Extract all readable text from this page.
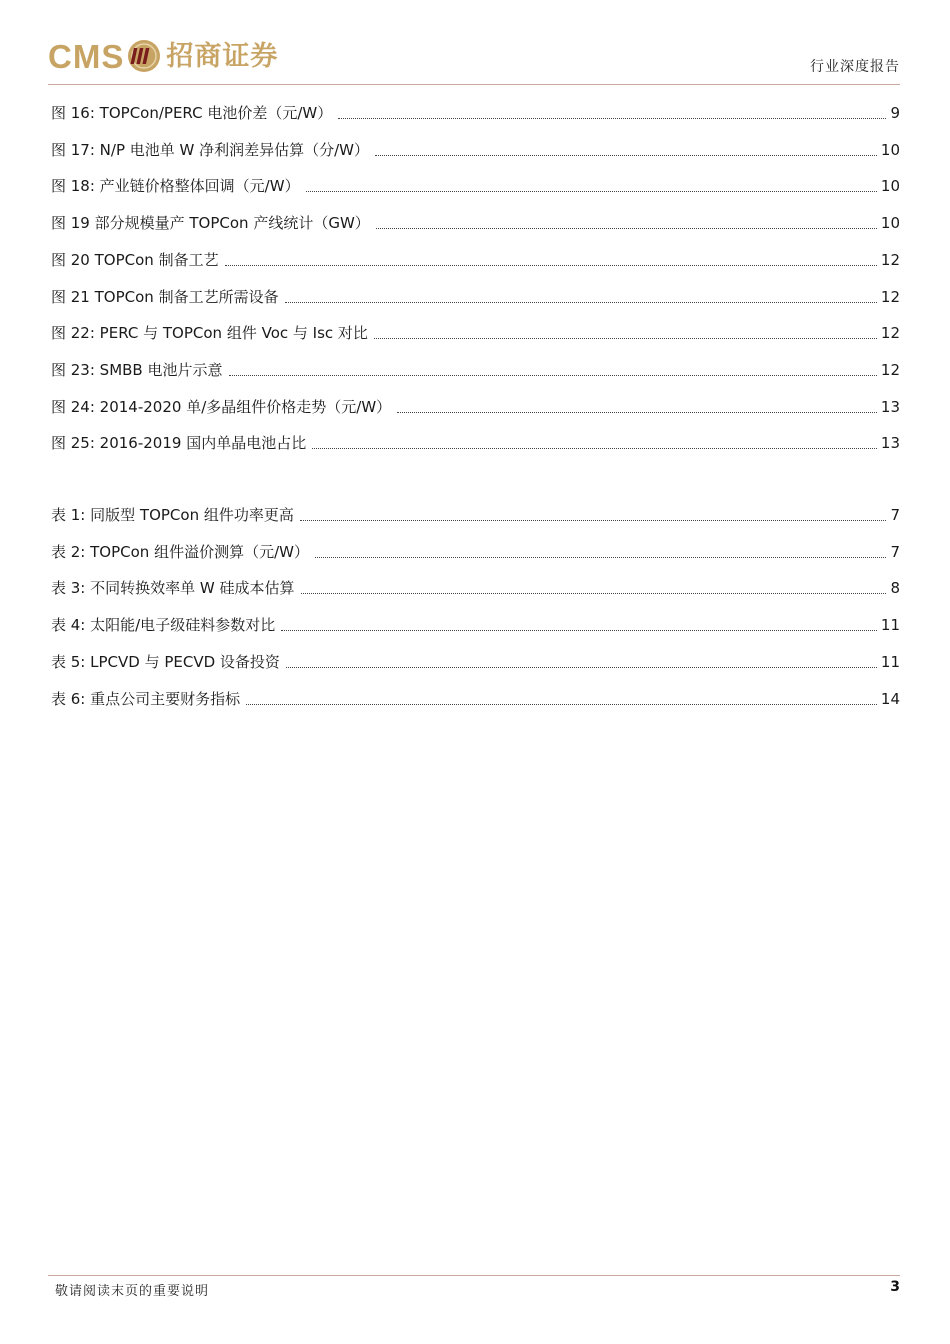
CMS 招商证券	行业深度报告
图 16: TOPCon/PERC 电池价差（元/W）	9
图 17: N/P 电池单 W 净利润差异估算（分/W）	10
图 18: 产业链价格整体回调（元/W）	10
图 19 部分规模量产 TOPCon 产线统计（GW）	10
图 20 TOPCon 制备工艺	12
图 21 TOPCon 制备工艺所需设备	12
图 22: PERC 与 TOPCon 组件 Voc 与 Isc 对比	12
图 23: SMBB 电池片示意	12
图 24: 2014-2020 单/多晶组件价格走势（元/W）	13
图 25: 2016-2019 国内单晶电池占比	13
表 1: 同版型 TOPCon 组件功率更高	7
表 2: TOPCon 组件溢价测算（元/W）	7
表 3: 不同转换效率单 W 硅成本估算	8
表 4: 太阳能/电子级硅料参数对比	11
表 5: LPCVD 与 PECVD 设备投资	11
表 6: 重点公司主要财务指标	14
敬请阅读末页的重要说明	3
